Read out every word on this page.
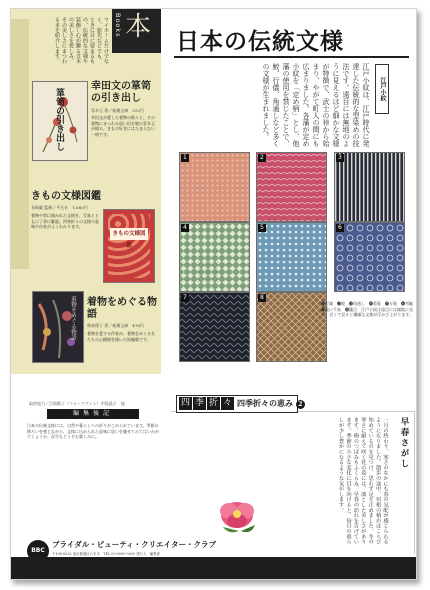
Books 本
マイホームだけでなく、旅先などでも、ときに目に留まるもの、伝統的な文様や装飾…心が躍る日本の美しさを愛しみ、その美しさにまつわる本を紹介します。
箪笥の引き出し
幸田文の箪笥の引き出し
青木玉 著／新潮文庫　552円
幸田文が愛した着物の数々と、その着物にまつわる思い出を娘の青木玉が綴る。きもの好きにはたまらない一冊です。
きもの文様図鑑
長崎巌 監修／平凡社　1,680円
着物や帯に描かれた文様を、写真とともに丁寧に解説。四季折々の文様の意味や由来がよくわかります。
きもの文様図鑑
着物をめぐる物語 着物をめぐる物語
林真理子 著／新潮文庫　476円
着物を愛する作家が、着物をめぐる女たちの心模様を描いた短編集です。
日本の伝統文様
江戸小紋
江戸小紋は、江戸時代に発達した伝統的な型染めの技法です。遠目には無地のように見えるほど細かな文様が特徴で、武士の裃から始まり、やがて町人の間にも広まりました。各藩が定め小紋を「定め柄」とし、他藩の使用を禁じたことで、鮫、行儀、角通しなど多くの文様が生まれました。
1	2	3
4	5	6
7	8
❶行儀　❷鮫　❸角通し　❹菊菱　❺万筋　❻雪輪　❼波に千鳥　❽籠目　江戸小紋は遠目には無地に見え、近くで見ると繊細な文様が浮かび上がります。
取材協力／目黒都子（フォークヴァン）中島晶子　他
編集後記
日本の伝統文様には、自然や暮らしへの祈りがこめられています。季節の移ろいを感じながら、文様に込められた意味に思いを馳せてみてはいかがでしょうか。次号もどうぞお楽しみに。
BBC
ブライダル・ビューティ・クリエイター・クラブ
〒106-0032 東京都港区六本木　TEL 03-0000-0000 発行人　編集部
四 季 折 々 四季折々の恵み 2
早春さがし
一月の終わり、寒さのなかにも春の気配が感じられるようになりました。散歩の途中、垣根の椿がほころび始めているのを見つけ、思わず足を止めました。冬の寒さに耐えて咲く花の姿には、凛とした美しさがあります。梅のつぼみもふくらみ、早春の訪れを告げています。季節の小さな変化に目を向けると、毎日の暮らしが少し豊かになるような気がします。
